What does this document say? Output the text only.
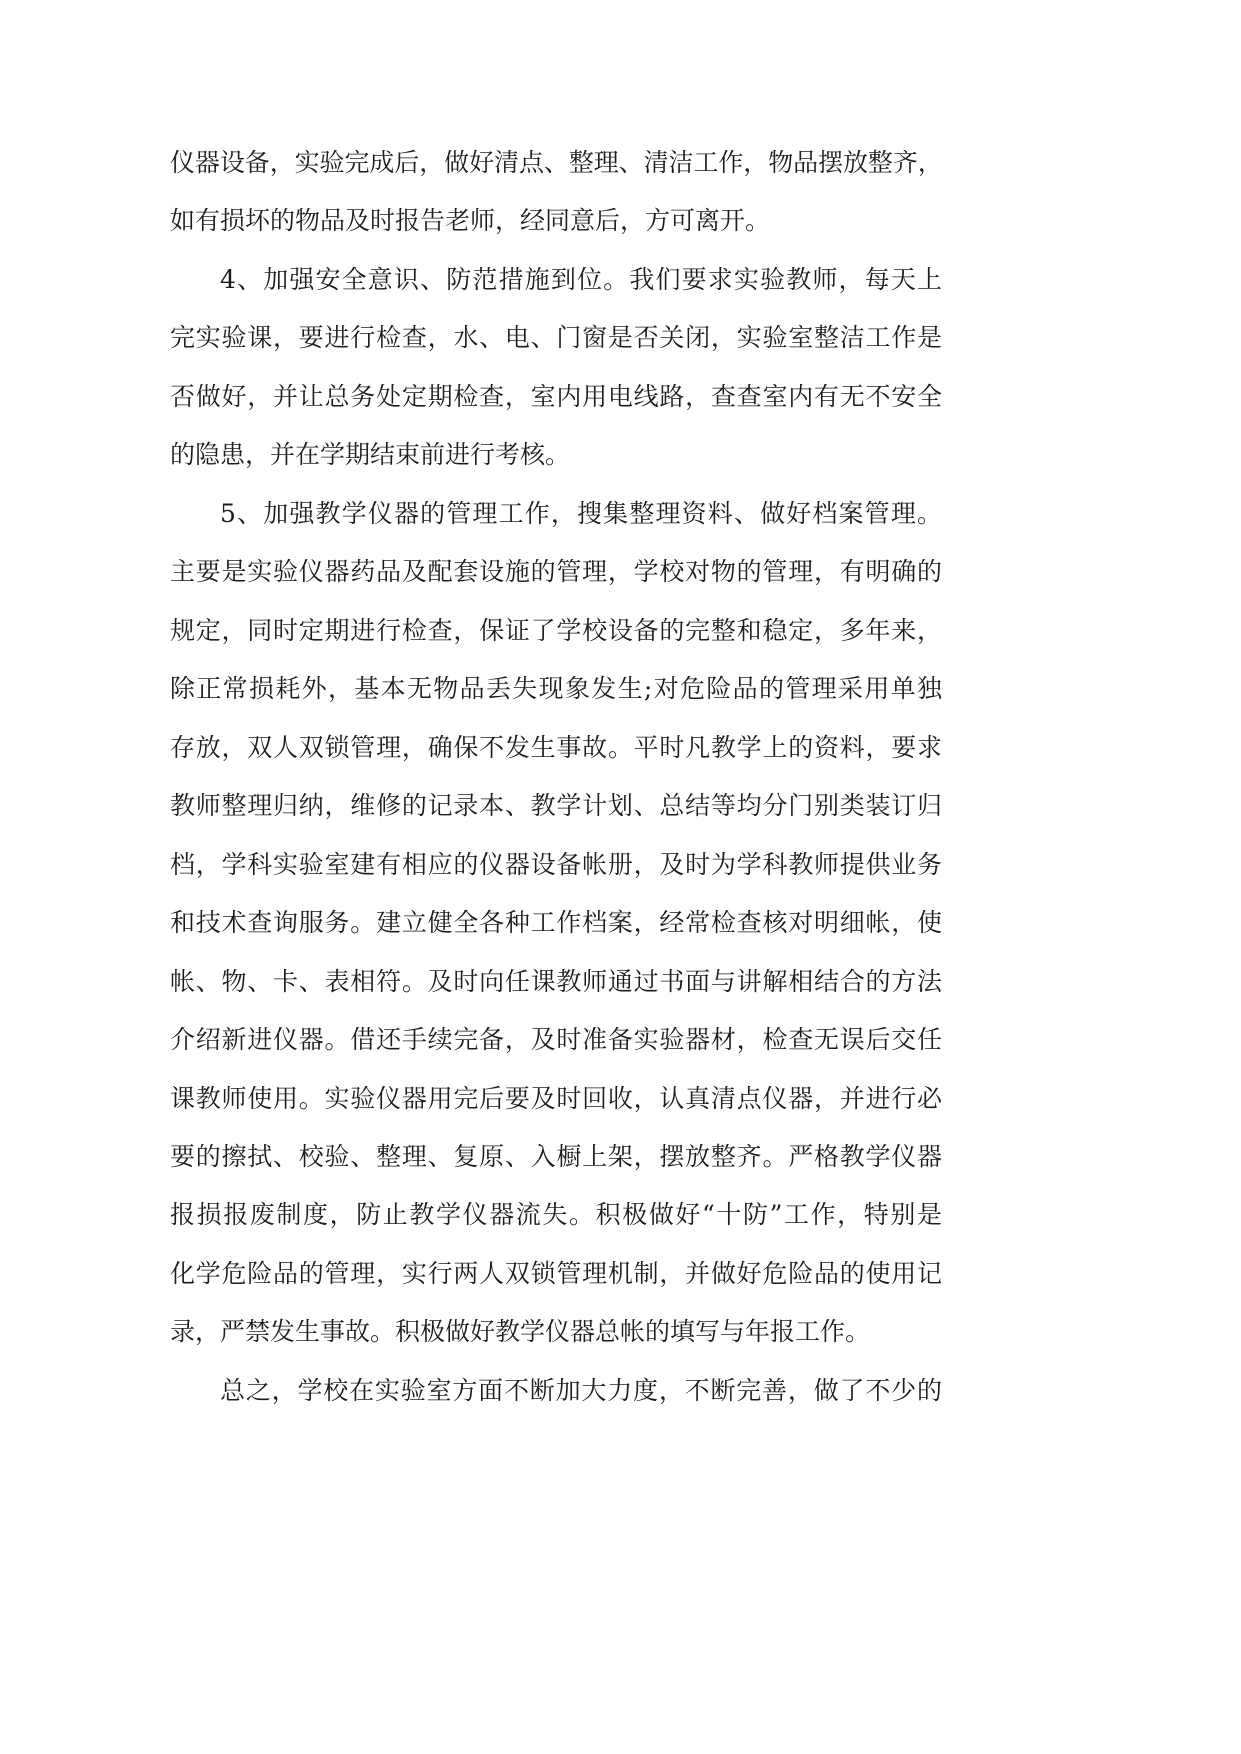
仪器设备，实验完成后，做好清点、整理、清洁工作，物品摆放整齐，
如有损坏的物品及时报告老师，经同意后，方可离开。
4、加强安全意识、防范措施到位。我们要求实验教师，每天上
完实验课，要进行检查，水、电、门窗是否关闭，实验室整洁工作是
否做好，并让总务处定期检查，室内用电线路，查查室内有无不安全
的隐患，并在学期结束前进行考核。
5、加强教学仪器的管理工作，搜集整理资料、做好档案管理。
主要是实验仪器药品及配套设施的管理，学校对物的管理，有明确的
规定，同时定期进行检查，保证了学校设备的完整和稳定，多年来，
除正常损耗外，基本无物品丢失现象发生;对危险品的管理采用单独
存放，双人双锁管理，确保不发生事故。平时凡教学上的资料，要求
教师整理归纳，维修的记录本、教学计划、总结等均分门别类装订归
档，学科实验室建有相应的仪器设备帐册，及时为学科教师提供业务
和技术查询服务。建立健全各种工作档案，经常检查核对明细帐，使
帐、物、卡、表相符。及时向任课教师通过书面与讲解相结合的方法
介绍新进仪器。借还手续完备，及时准备实验器材，检查无误后交任
课教师使用。实验仪器用完后要及时回收，认真清点仪器，并进行必
要的擦拭、校验、整理、复原、入橱上架，摆放整齐。严格教学仪器
报损报废制度，防止教学仪器流失。积极做好“十防”工作，特别是
化学危险品的管理，实行两人双锁管理机制，并做好危险品的使用记
录，严禁发生事故。积极做好教学仪器总帐的填写与年报工作。
总之，学校在实验室方面不断加大力度，不断完善，做了不少的
